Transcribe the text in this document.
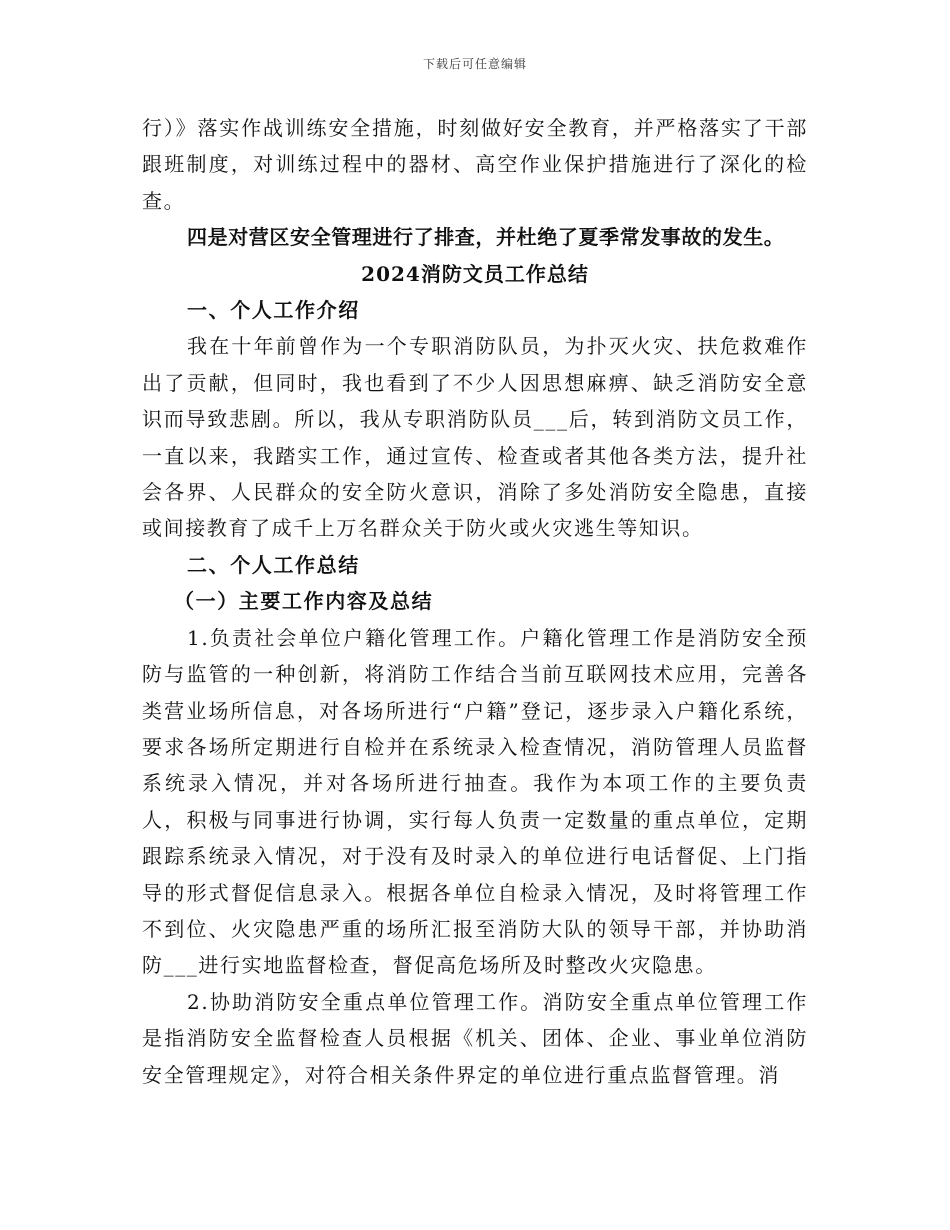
下载后可任意编辑

行）》落实作战训练安全措施，时刻做好安全教育，并严格落实了干部跟班制度，对训练过程中的器材、高空作业保护措施进行了深化的检查。

四是对营区安全管理进行了排查，并杜绝了夏季常发事故的发生。

2024消防文员工作总结

一、个人工作介绍

我在十年前曾作为一个专职消防队员，为扑灭火灾、扶危救难作出了贡献，但同时，我也看到了不少人因思想麻痹、缺乏消防安全意识而导致悲剧。所以，我从专职消防队员___后，转到消防文员工作，一直以来，我踏实工作，通过宣传、检查或者其他各类方法，提升社会各界、人民群众的安全防火意识，消除了多处消防安全隐患，直接或间接教育了成千上万名群众关于防火或火灾逃生等知识。

二、个人工作总结

（一）主要工作内容及总结

1.负责社会单位户籍化管理工作。户籍化管理工作是消防安全预防与监管的一种创新，将消防工作结合当前互联网技术应用，完善各类营业场所信息，对各场所进行“户籍”登记，逐步录入户籍化系统，要求各场所定期进行自检并在系统录入检查情况，消防管理人员监督系统录入情况，并对各场所进行抽查。我作为本项工作的主要负责人，积极与同事进行协调，实行每人负责一定数量的重点单位，定期跟踪系统录入情况，对于没有及时录入的单位进行电话督促、上门指导的形式督促信息录入。根据各单位自检录入情况，及时将管理工作不到位、火灾隐患严重的场所汇报至消防大队的领导干部，并协助消防___进行实地监督检查，督促高危场所及时整改火灾隐患。

2.协助消防安全重点单位管理工作。消防安全重点单位管理工作是指消防安全监督检查人员根据《机关、团体、企业、事业单位消防安全管理规定》，对符合相关条件界定的单位进行重点监督管理。消
